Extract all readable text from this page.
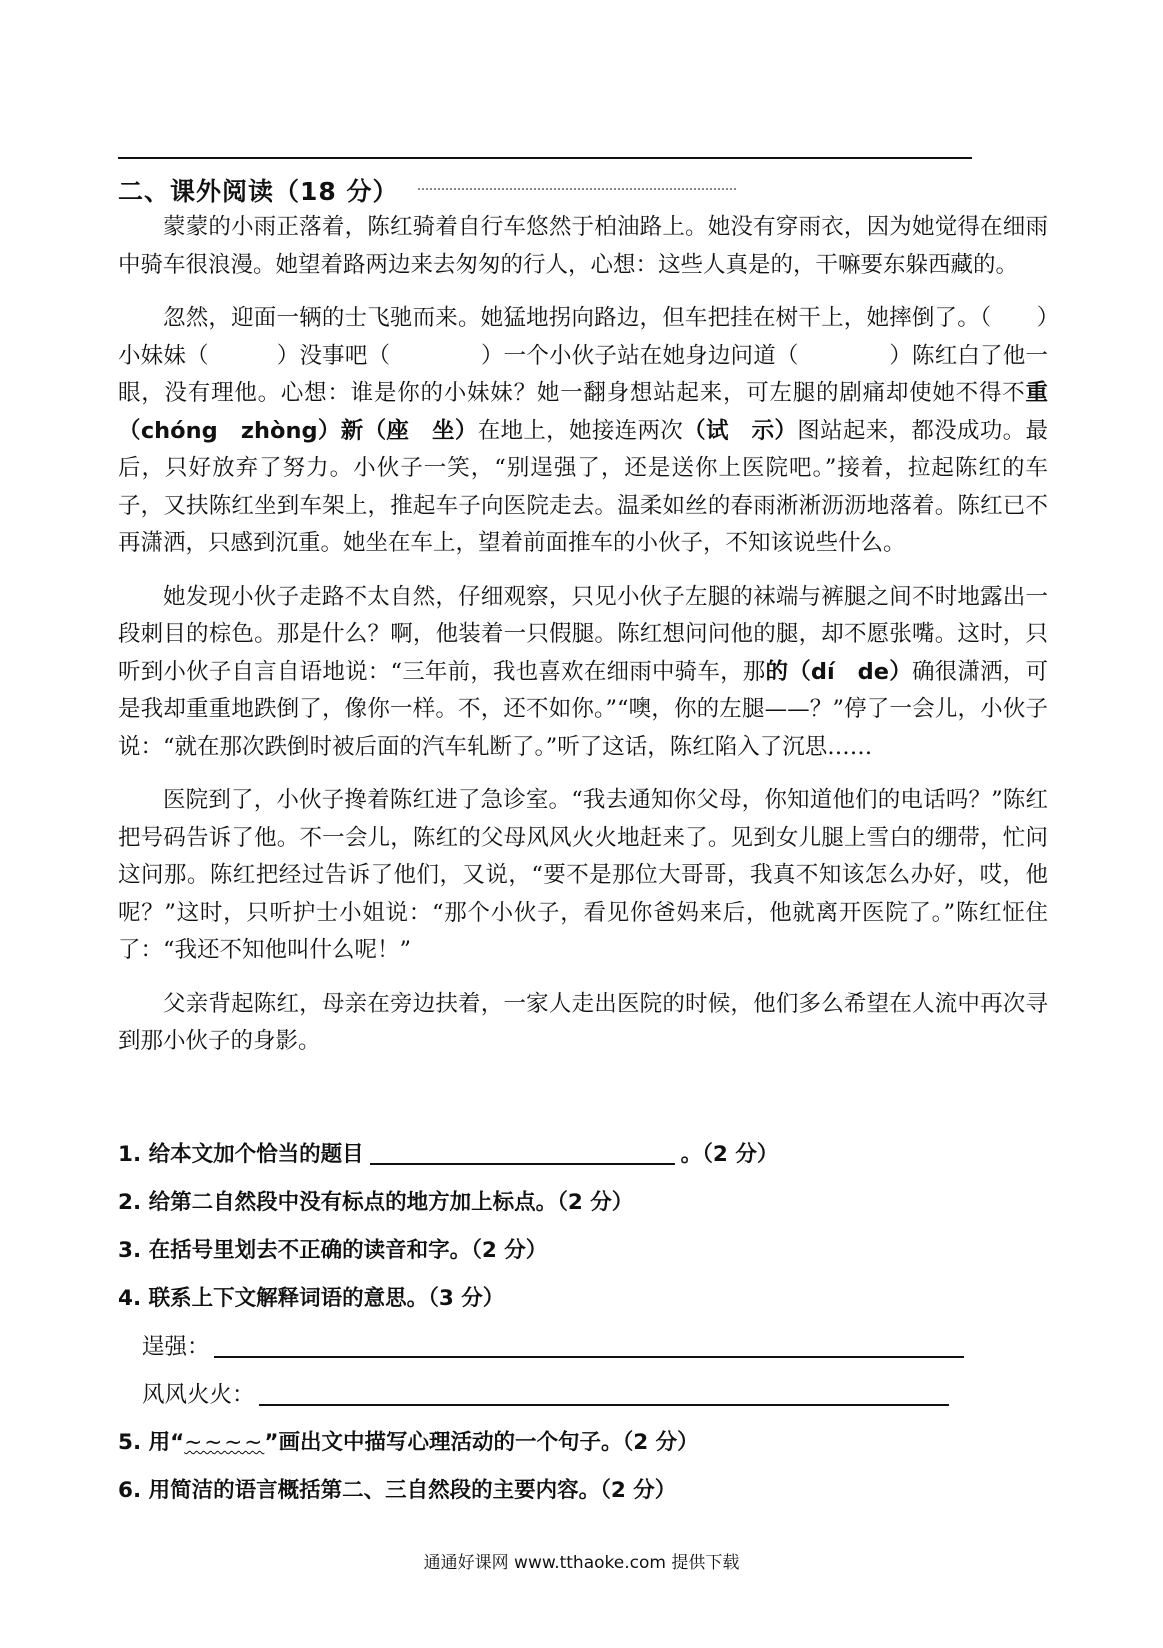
二、课外阅读（18 分）

蒙蒙的小雨正落着，陈红骑着自行车悠然于柏油路上。她没有穿雨衣，因为她觉得在细雨中骑车很浪漫。她望着路两边来去匆匆的行人，心想：这些人真是的，干嘛要东躲西藏的。

忽然，迎面一辆的士飞驰而来。她猛地拐向路边，但车把挂在树干上，她摔倒了。（　　）小妹妹（　　　）没事吧（　　　　）一个小伙子站在她身边问道（　　　　）陈红白了他一眼，没有理他。心想：谁是你的小妹妹？她一翻身想站起来，可左腿的剧痛却使她不得不重（chóng　zhòng）新（座　坐）在地上，她接连两次（试　示）图站起来，都没成功。最后，只好放弃了努力。小伙子一笑，“别逞强了，还是送你上医院吧。”接着，拉起陈红的车子，又扶陈红坐到车架上，推起车子向医院走去。温柔如丝的春雨淅淅沥沥地落着。陈红已不再潇洒，只感到沉重。她坐在车上，望着前面推车的小伙子，不知该说些什么。

她发现小伙子走路不太自然，仔细观察，只见小伙子左腿的袜端与裤腿之间不时地露出一段刺目的棕色。那是什么？啊，他装着一只假腿。陈红想问问他的腿，却不愿张嘴。这时，只听到小伙子自言自语地说：“三年前，我也喜欢在细雨中骑车，那的（dí　de）确很潇洒，可是我却重重地跌倒了，像你一样。不，还不如你。”“噢，你的左腿——？”停了一会儿，小伙子说：“就在那次跌倒时被后面的汽车轧断了。”听了这话，陈红陷入了沉思……

医院到了，小伙子搀着陈红进了急诊室。“我去通知你父母，你知道他们的电话吗？”陈红把号码告诉了他。不一会儿，陈红的父母风风火火地赶来了。见到女儿腿上雪白的绷带，忙问这问那。陈红把经过告诉了他们，又说，“要不是那位大哥哥，我真不知该怎么办好，哎，他呢？”这时，只听护士小姐说：“那个小伙子，看见你爸妈来后，他就离开医院了。”陈红怔住了：“我还不知他叫什么呢！”

父亲背起陈红，母亲在旁边扶着，一家人走出医院的时候，他们多么希望在人流中再次寻到那小伙子的身影。

1. 给本文加个恰当的题目	。（2 分）
2. 给第二自然段中没有标点的地方加上标点。（2 分）
3. 在括号里划去不正确的读音和字。（2 分）
4. 联系上下文解释词语的意思。（3 分）
逞强：
风风火火：
5. 用“~~~~”画出文中描写心理活动的一个句子。（2 分）
6. 用简洁的语言概括第二、三自然段的主要内容。（2 分）
通通好课网 www.tthaoke.com 提供下载
